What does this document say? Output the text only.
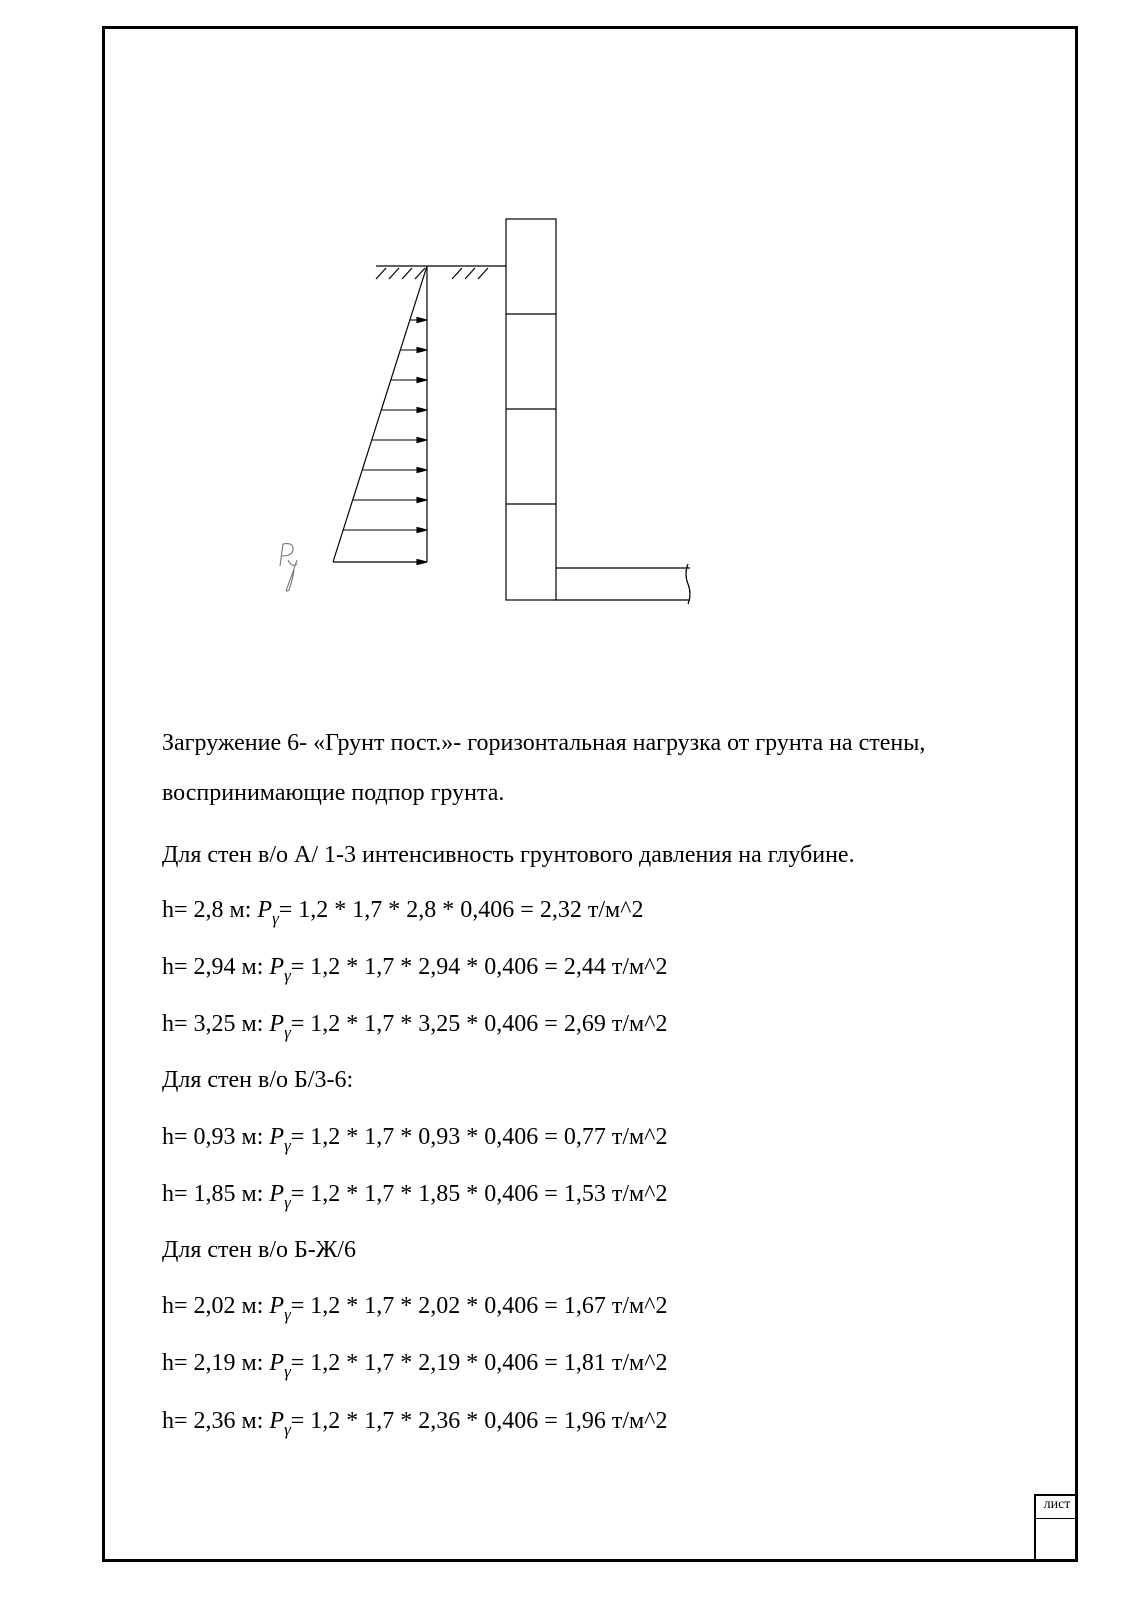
Загружение 6- «Грунт пост.»- горизонтальная нагрузка от грунта на стены,
воспринимающие подпор грунта.
Для стен в/о А/ 1-3 интенсивность грунтового давления на глубине.
h= 2,8 м: $P_\gamma= 1,2 * 1,7 * 2,8 * 0,406 = 2,32$ т/м^2
h= 2,94 м: $P_\gamma= 1,2 * 1,7 * 2,94 * 0,406 = 2,44$ т/м^2
h= 3,25 м: $P_\gamma= 1,2 * 1,7 * 3,25 * 0,406 = 2,69$ т/м^2
Для стен в/о Б/3-6:
h= 0,93 м: $P_\gamma= 1,2 * 1,7 * 0,93 * 0,406 = 0,77$ т/м^2
h= 1,85 м: $P_\gamma= 1,2 * 1,7 * 1,85 * 0,406 = 1,53$ т/м^2
Для стен в/о Б-Ж/6
h= 2,02 м: $P_\gamma= 1,2 * 1,7 * 2,02 * 0,406 = 1,67$ т/м^2
h= 2,19 м: $P_\gamma= 1,2 * 1,7 * 2,19 * 0,406 = 1,81$ т/м^2
h= 2,36 м: $P_\gamma= 1,2 * 1,7 * 2,36 * 0,406 = 1,96$ т/м^2
лист
